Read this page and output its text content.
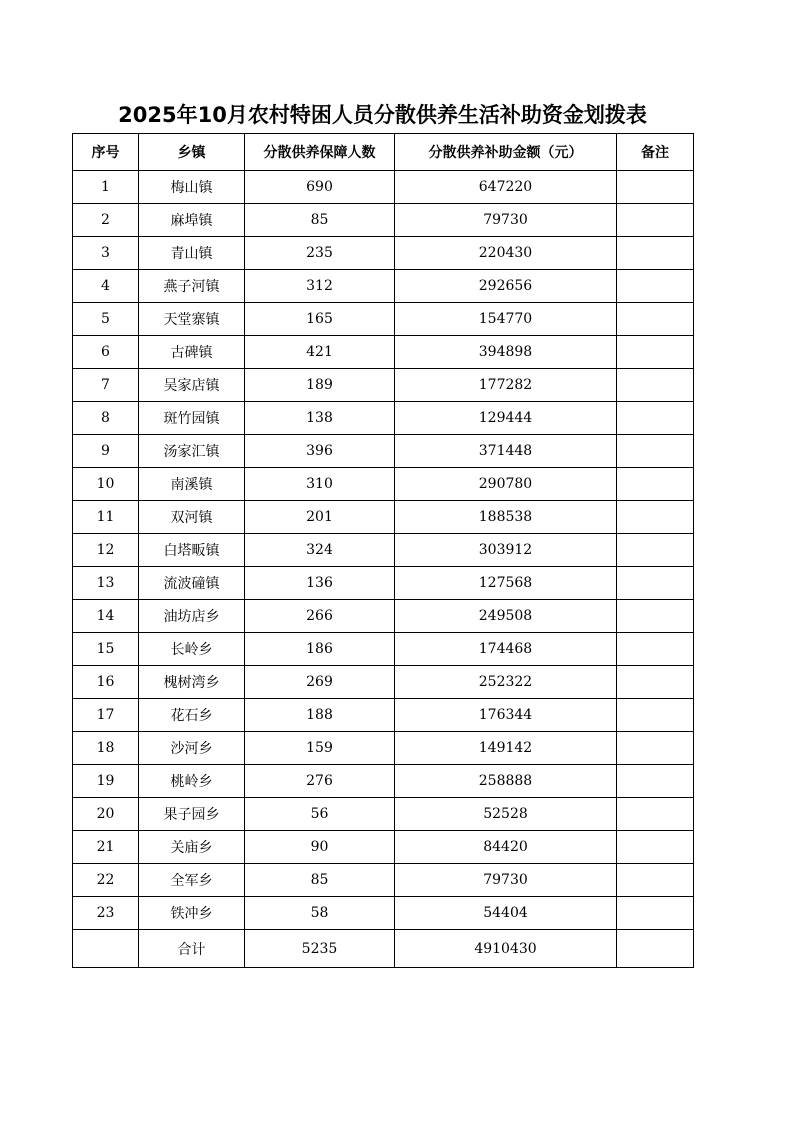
2025年10月农村特困人员分散供养生活补助资金划拨表
序号	乡镇	分散供养保障人数	分散供养补助金额（元）	备注
1	梅山镇	690	647220	
2	麻埠镇	85	79730	
3	青山镇	235	220430	
4	燕子河镇	312	292656	
5	天堂寨镇	165	154770	
6	古碑镇	421	394898	
7	吴家店镇	189	177282	
8	斑竹园镇	138	129444	
9	汤家汇镇	396	371448	
10	南溪镇	310	290780	
11	双河镇	201	188538	
12	白塔畈镇	324	303912	
13	流波䃥镇	136	127568	
14	油坊店乡	266	249508	
15	长岭乡	186	174468	
16	槐树湾乡	269	252322	
17	花石乡	188	176344	
18	沙河乡	159	149142	
19	桃岭乡	276	258888	
20	果子园乡	56	52528	
21	关庙乡	90	84420	
22	全军乡	85	79730	
23	铁冲乡	58	54404	
	合计	5235	4910430	
